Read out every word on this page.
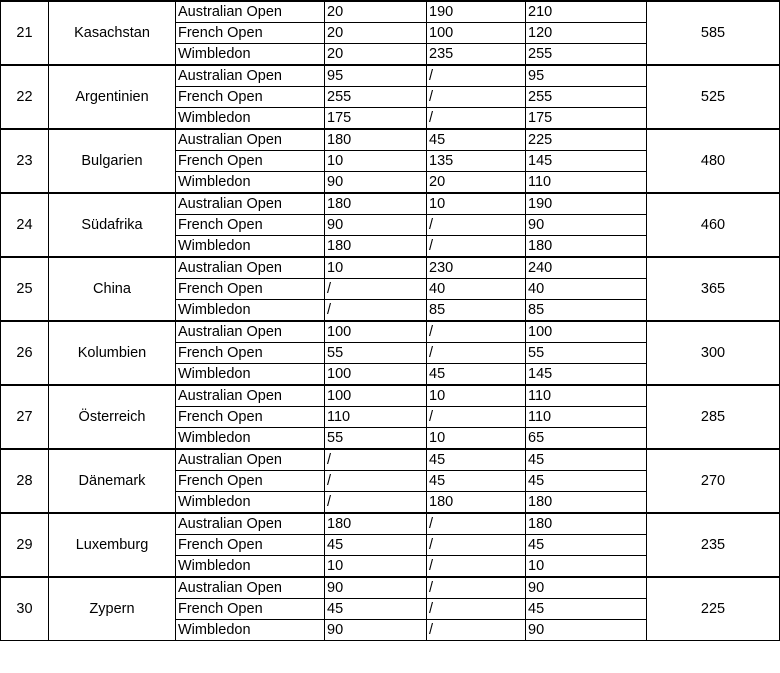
21	Kasachstan	Australian Open	20	190	210	585
		French Open	20	100	120	
		Wimbledon	20	235	255	
22	Argentinien	Australian Open	95	/	95	525
		French Open	255	/	255	
		Wimbledon	175	/	175	
23	Bulgarien	Australian Open	180	45	225	480
		French Open	10	135	145	
		Wimbledon	90	20	110	
24	Südafrika	Australian Open	180	10	190	460
		French Open	90	/	90	
		Wimbledon	180	/	180	
25	China	Australian Open	10	230	240	365
		French Open	/	40	40	
		Wimbledon	/	85	85	
26	Kolumbien	Australian Open	100	/	100	300
		French Open	55	/	55	
		Wimbledon	100	45	145	
27	Österreich	Australian Open	100	10	110	285
		French Open	110	/	110	
		Wimbledon	55	10	65	
28	Dänemark	Australian Open	/	45	45	270
		French Open	/	45	45	
		Wimbledon	/	180	180	
29	Luxemburg	Australian Open	180	/	180	235
		French Open	45	/	45	
		Wimbledon	10	/	10	
30	Zypern	Australian Open	90	/	90	225
		French Open	45	/	45	
		Wimbledon	90	/	90	
